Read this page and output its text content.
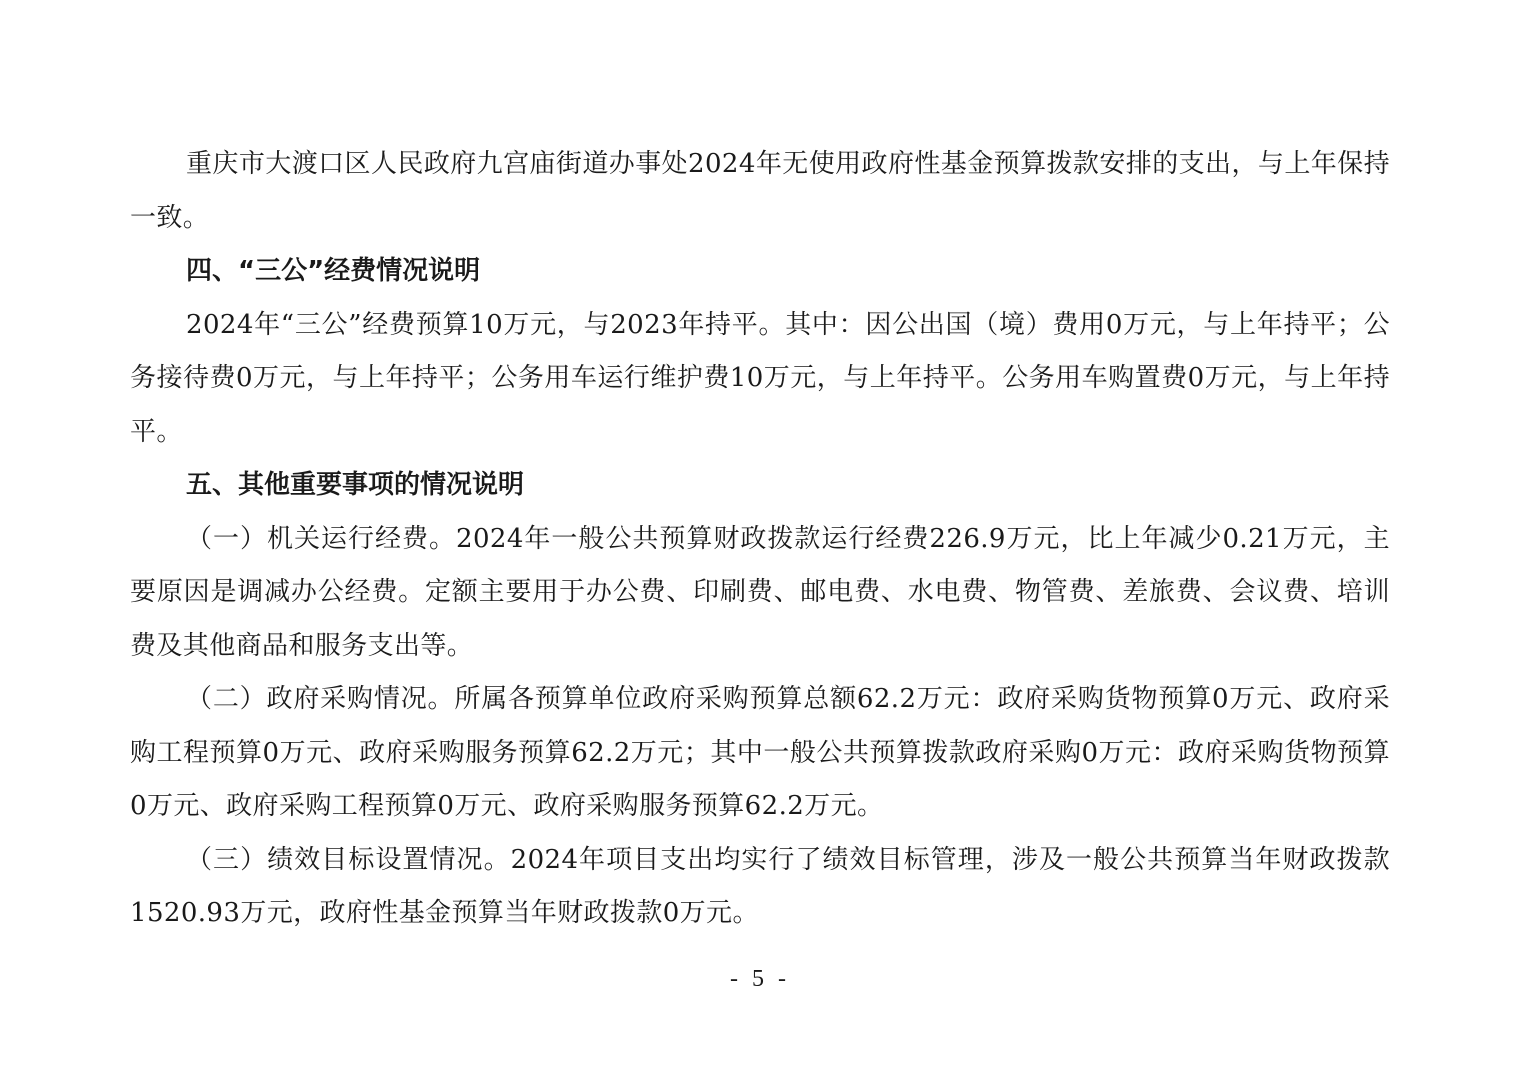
重庆市大渡口区人民政府九宫庙街道办事处2024年无使用政府性基金预算拨款安排的支出，与上年保持一致。

四、“三公”经费情况说明

2024年“三公”经费预算10万元，与2023年持平。其中：因公出国（境）费用0万元，与上年持平；公务接待费0万元，与上年持平；公务用车运行维护费10万元，与上年持平。公务用车购置费0万元，与上年持平。

五、其他重要事项的情况说明

（一）机关运行经费。2024年一般公共预算财政拨款运行经费226.9万元，比上年减少0.21万元，主要原因是调减办公经费。定额主要用于办公费、印刷费、邮电费、水电费、物管费、差旅费、会议费、培训费及其他商品和服务支出等。

（二）政府采购情况。所属各预算单位政府采购预算总额62.2万元：政府采购货物预算0万元、政府采购工程预算0万元、政府采购服务预算62.2万元；其中一般公共预算拨款政府采购0万元：政府采购货物预算0万元、政府采购工程预算0万元、政府采购服务预算62.2万元。

（三）绩效目标设置情况。2024年项目支出均实行了绩效目标管理，涉及一般公共预算当年财政拨款1520.93万元，政府性基金预算当年财政拨款0万元。

- 5 -
